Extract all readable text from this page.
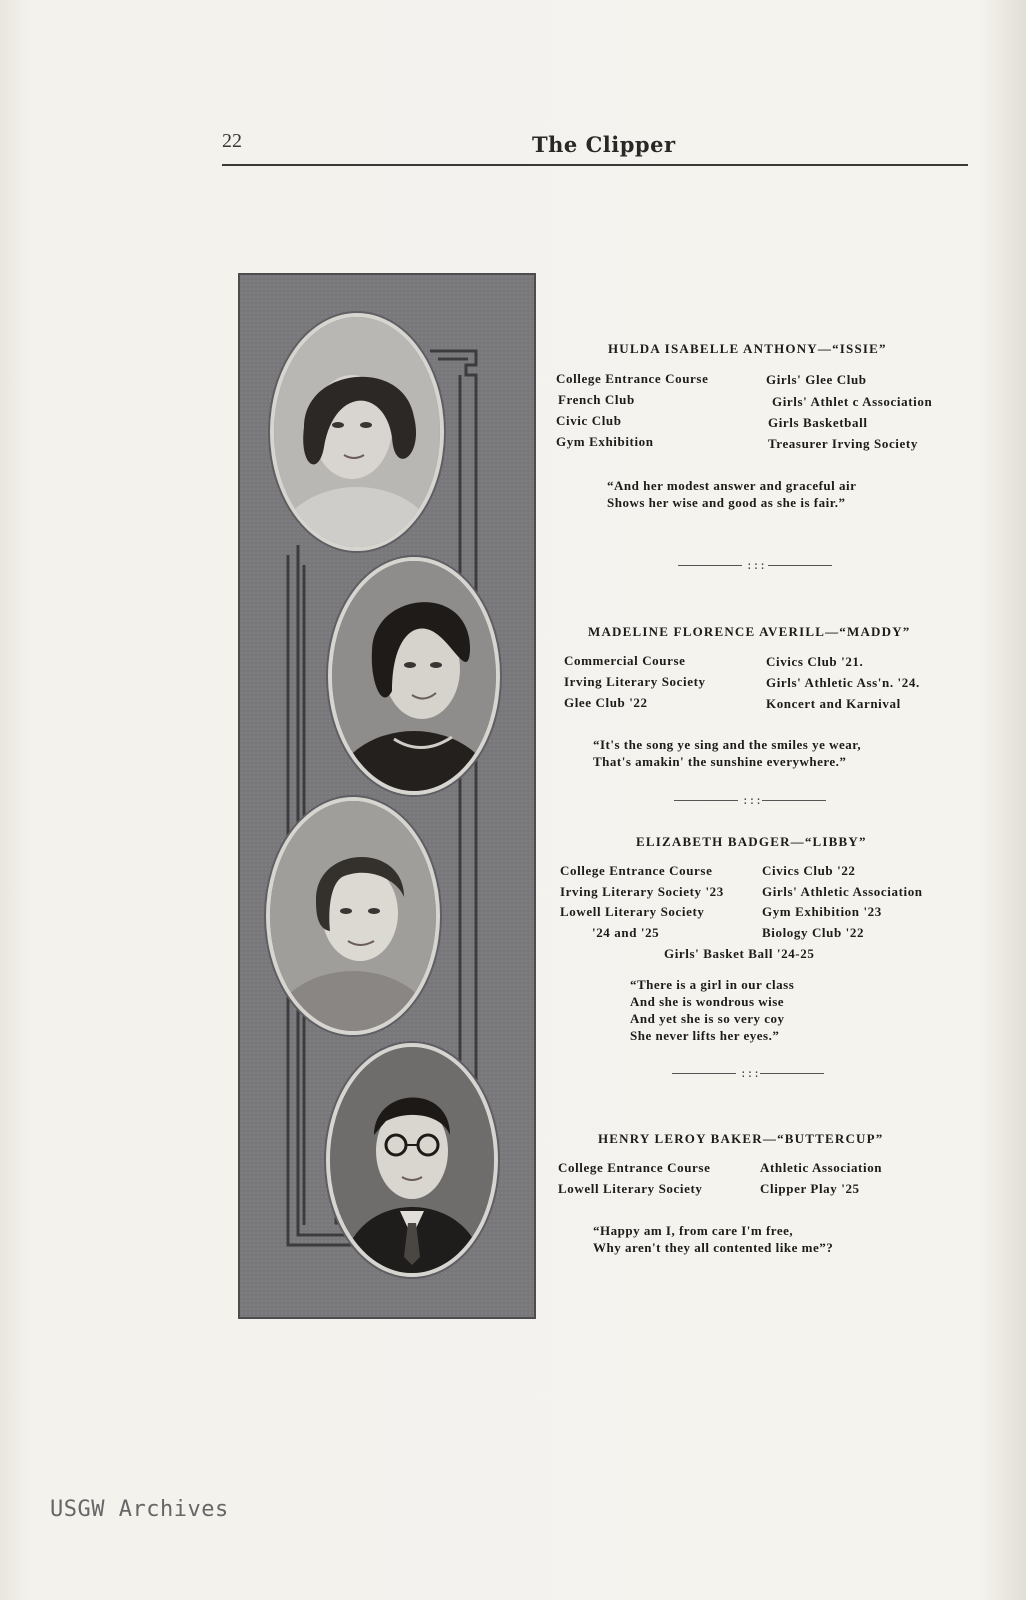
22	The Clipper
HULDA ISABELLE ANTHONY—“ISSIE”
College Entrance Course
French Club
Civic Club
Gym Exhibition
Girls' Glee Club
Girls' Athlet c Association
Girls Basketball
Treasurer Irving Society
“And her modest answer and graceful air
Shows her wise and good as she is fair.”
:::
MADELINE FLORENCE AVERILL—“MADDY”
Commercial Course
Irving Literary Society
Glee Club '22
Civics Club '21.
Girls' Athletic Ass'n. '24.
Koncert and Karnival
“It's the song ye sing and the smiles ye wear,
That's amakin' the sunshine everywhere.”
:::
ELIZABETH BADGER—“LIBBY”
College Entrance Course
Irving Literary Society '23
Lowell Literary Society
'24 and '25
Civics Club '22
Girls' Athletic Association
Gym Exhibition '23
Biology Club '22
Girls' Basket Ball '24-25
“There is a girl in our class
And she is wondrous wise
And yet she is so very coy
She never lifts her eyes.”
:::
HENRY LEROY BAKER—“BUTTERCUP”
College Entrance Course
Lowell Literary Society
Athletic Association
Clipper Play '25
“Happy am I, from care I'm free,
Why aren't they all contented like me”?
USGW Archives
